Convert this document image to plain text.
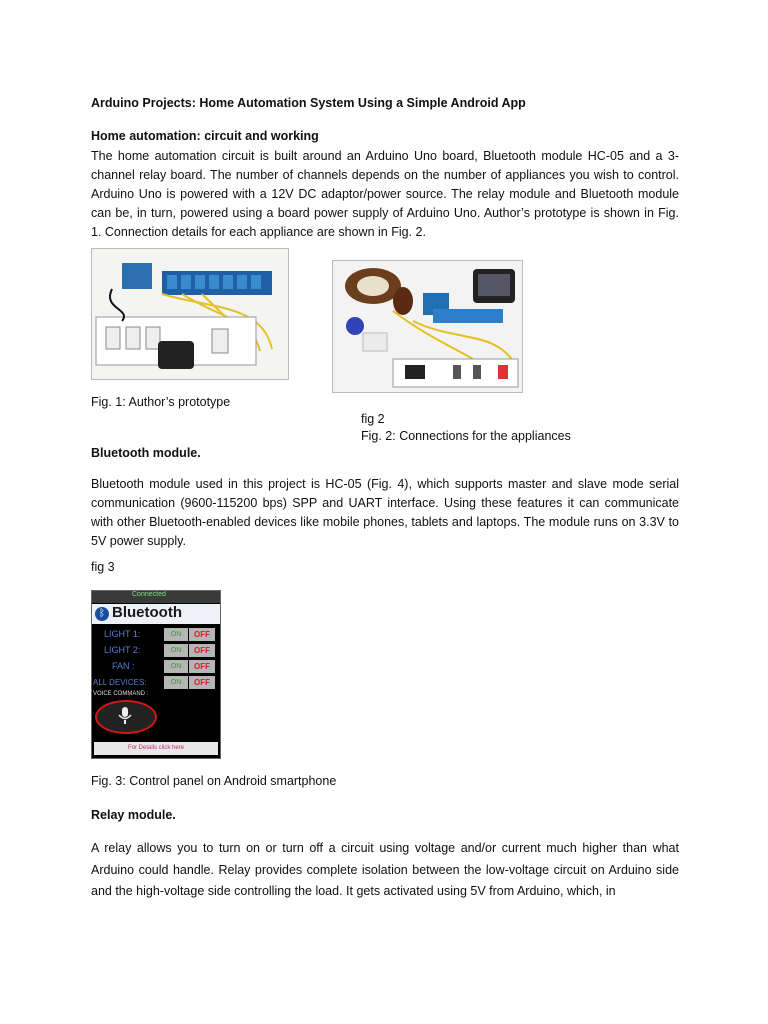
Arduino Projects: Home Automation System Using a Simple Android App
Home automation: circuit and working
The home automation circuit is built around an Arduino Uno board, Bluetooth module HC-05 and a 3-channel relay board. The number of channels depends on the number of appliances you wish to control. Arduino Uno is powered with a 12V DC adaptor/power source. The relay module and Bluetooth module can be, in turn, powered using a board power supply of Arduino Uno. Author’s prototype is shown in Fig. 1. Connection details for each appliance are shown in Fig. 2.
Fig. 1: Author’s prototype
fig 2
Fig. 2: Connections for the appliances
Bluetooth module.
Bluetooth module used in this project is HC-05 (Fig. 4), which supports master and slave mode serial communication (9600-115200 bps) SPP and UART interface. Using these features it can communicate with other Bluetooth-enabled devices like mobile phones, tablets and laptops. The module runs on 3.3V to 5V power supply.
fig 3
Connected
ᛒ Bluetooth
LIGHT 1:	ON	OFF
LIGHT 2:	ON	OFF
FAN :	ON	OFF
ALL DEVICES:	ON	OFF
VOICE COMMAND :
For Details click here
Fig. 3: Control panel on Android smartphone
Relay module.
A relay allows you to turn on or turn off a circuit using voltage and/or current much higher than what Arduino could handle. Relay provides complete isolation between the low-voltage circuit on Arduino side and the high-voltage side controlling the load. It gets activated using 5V from Arduino, which, in
